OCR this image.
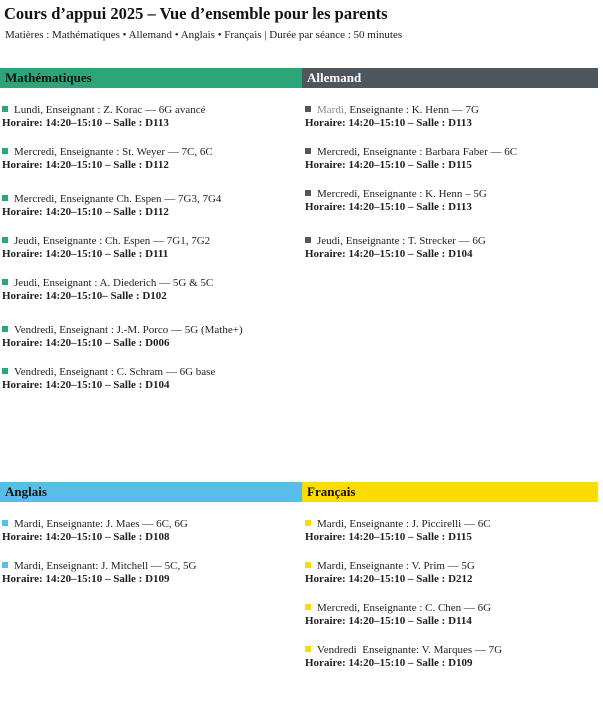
Cours d’appui 2025 – Vue d’ensemble pour les parents
Matières : Mathématiques • Allemand • Anglais • Français | Durée par séance : 50 minutes
Mathématiques
Lundi, Enseignant : Z. Korac — 6G avancé
Horaire: 14:20–15:10 – Salle : D113
Mercredi, Enseignante : St. Weyer — 7C, 6C
Horaire: 14:20–15:10 – Salle : D112
Mercredi, Enseignante Ch. Espen — 7G3, 7G4
Horaire: 14:20–15:10 – Salle : D112
Jeudi, Enseignante : Ch. Espen — 7G1, 7G2
Horaire: 14:20–15:10 – Salle : D111
Jeudi, Enseignant : A. Diederich — 5G & 5C
Horaire: 14:20–15:10– Salle : D102
Vendredi, Enseignant : J.-M. Porco — 5G (Mathe+)
Horaire: 14:20–15:10 – Salle : D006
Vendredi, Enseignant : C. Schram — 6G base
Horaire: 14:20–15:10 – Salle : D104
Allemand
Mardi, Enseignante : K. Henn — 7G
Horaire: 14:20–15:10 – Salle : D113
Mercredi, Enseignante : Barbara Faber — 6C
Horaire: 14:20–15:10 – Salle : D115
Mercredi, Enseignante : K. Henn – 5G
Horaire: 14:20–15:10 – Salle : D113
Jeudi, Enseignante : T. Strecker — 6G
Horaire: 14:20–15:10 – Salle : D104
Anglais
Mardi, Enseignante: J. Maes — 6C, 6G
Horaire: 14:20–15:10 – Salle : D108
Mardi, Enseignant: J. Mitchell — 5C, 5G
Horaire: 14:20–15:10 – Salle : D109
Français
Mardi, Enseignante : J. Piccirelli — 6C
Horaire: 14:20–15:10 – Salle : D115
Mardi, Enseignante : V. Prim — 5G
Horaire: 14:20–15:10 – Salle : D212
Mercredi, Enseignante : C. Chen — 6G
Horaire: 14:20–15:10 – Salle : D114
Vendredi  Enseignante: V. Marques — 7G
Horaire: 14:20–15:10 – Salle : D109
